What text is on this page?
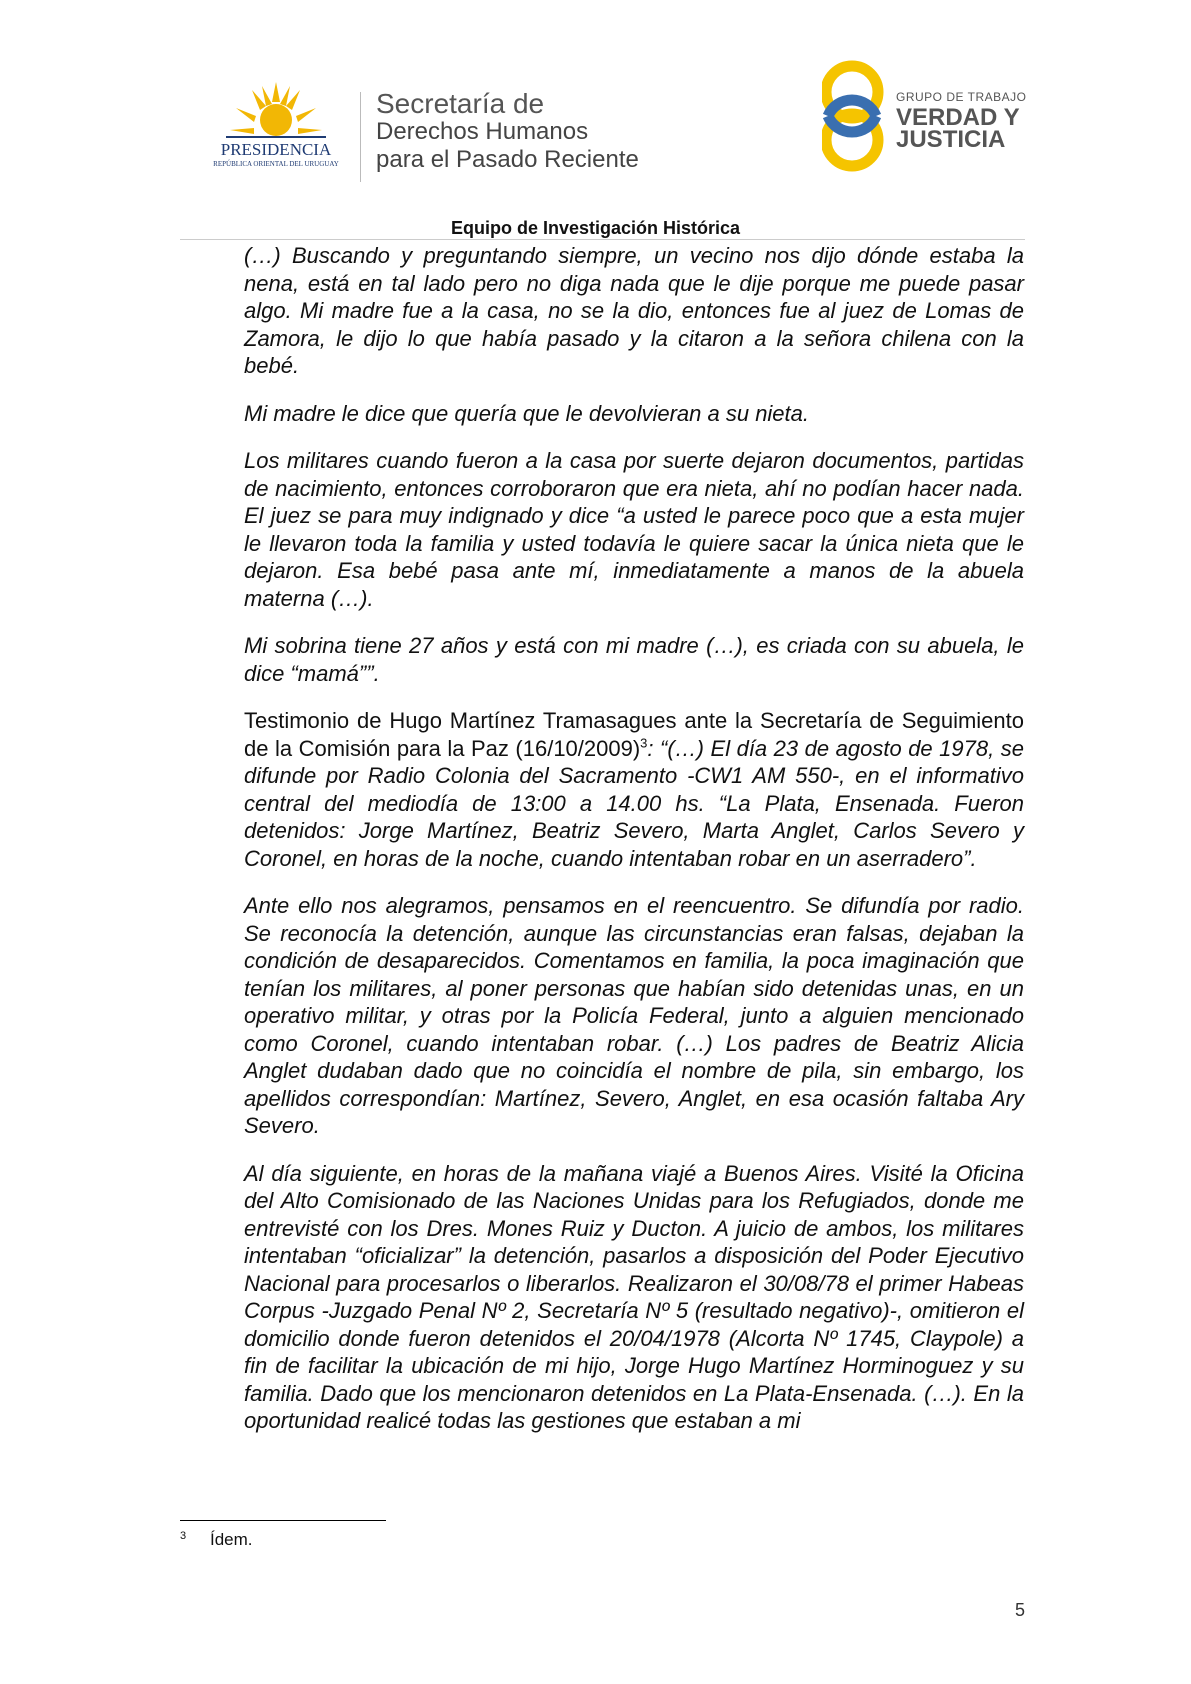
PRESIDENCIA
REPÚBLICA ORIENTAL DEL URUGUAY
Secretaría de
Derechos Humanos
para el Pasado Reciente
GRUPO DE TRABAJO
VERDAD Y
JUSTICIA
Equipo de Investigación Histórica

(…) Buscando y preguntando siempre, un vecino nos dijo dónde estaba la nena, está en tal lado pero no diga nada que le dije porque me puede pasar algo. Mi madre fue a la casa, no se la dio, entonces fue al juez de Lomas de Zamora, le dijo lo que había pasado y la citaron a la señora chilena con la bebé.

Mi madre le dice que quería que le devolvieran a su nieta.

Los militares cuando fueron a la casa por suerte dejaron documentos, partidas de nacimiento, entonces corroboraron que era nieta, ahí no podían hacer nada. El juez se para muy indignado y dice “a usted le parece poco que a esta mujer le llevaron toda la familia y usted todavía le quiere sacar la única nieta que le dejaron. Esa bebé pasa ante mí, inmediatamente a manos de la abuela materna (…).

Mi sobrina tiene 27 años y está con mi madre (…), es criada con su abuela, le dice “mamá””.

Testimonio de Hugo Martínez Tramasagues ante la Secretaría de Seguimiento de la Comisión para la Paz $(16/10/2009)^3$: “(…) El día 23 de agosto de 1978, se difunde por Radio Colonia del Sacramento -CW1 AM 550-, en el informativo central del mediodía de 13:00 a 14.00 hs. “La Plata, Ensenada. Fueron detenidos: Jorge Martínez, Beatriz Severo, Marta Anglet, Carlos Severo y Coronel, en horas de la noche, cuando intentaban robar en un aserradero”.

Ante ello nos alegramos, pensamos en el reencuentro. Se difundía por radio. Se reconocía la detención, aunque las circunstancias eran falsas, dejaban la condición de desaparecidos. Comentamos en familia, la poca imaginación que tenían los militares, al poner personas que habían sido detenidas unas, en un operativo militar, y otras por la Policía Federal, junto a alguien mencionado como Coronel, cuando intentaban robar. (…) Los padres de Beatriz Alicia Anglet dudaban dado que no coincidía el nombre de pila, sin embargo, los apellidos correspondían: Martínez, Severo, Anglet, en esa ocasión faltaba Ary Severo.

Al día siguiente, en horas de la mañana viajé a Buenos Aires. Visité la Oficina del Alto Comisionado de las Naciones Unidas para los Refugiados, donde me entrevisté con los Dres. Mones Ruiz y Ducton. A juicio de ambos, los militares intentaban “oficializar” la detención, pasarlos a disposición del Poder Ejecutivo Nacional para procesarlos o liberarlos. Realizaron el 30/08/78 el primer Habeas Corpus -Juzgado Penal Nº 2, Secretaría Nº 5 (resultado negativo)-, omitieron el domicilio donde fueron detenidos el 20/04/1978 (Alcorta Nº 1745, Claypole) a fin de facilitar la ubicación de mi hijo, Jorge Hugo Martínez Horminoguez y su familia. Dado que los mencionaron detenidos en La Plata-Ensenada. (…). En la oportunidad realicé todas las gestiones que estaban a mi

3 Ídem.
5
